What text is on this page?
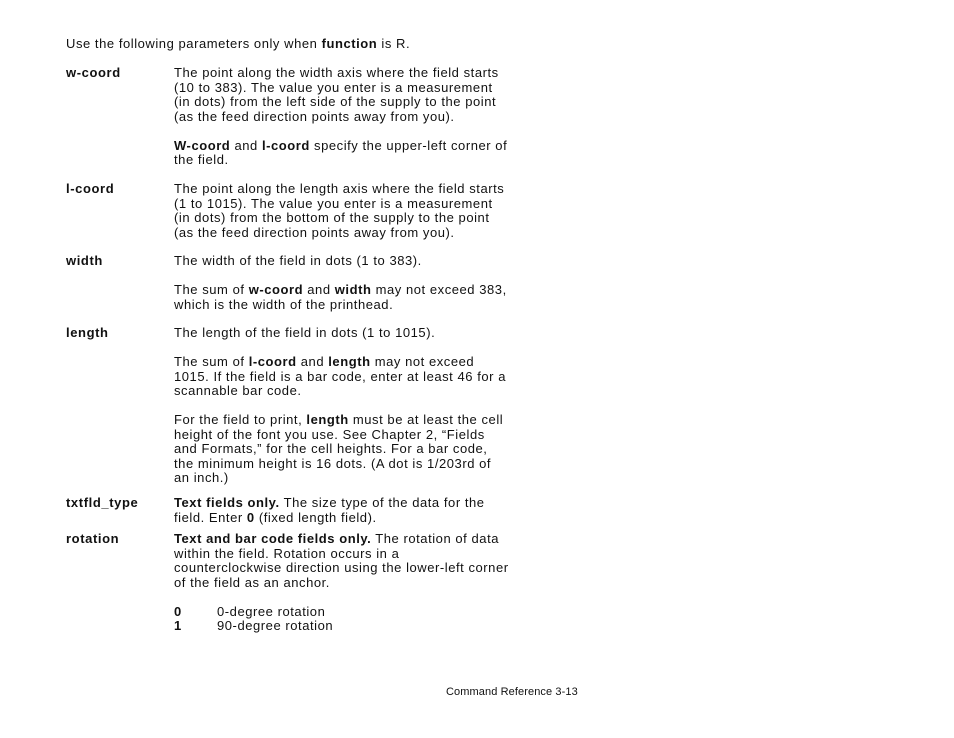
Use the following parameters only when function is R.
w-coord	The point along the width axis where the field starts
(10 to 383). The value you enter is a measurement
(in dots) from the left side of the supply to the point
(as the feed direction points away from you).
W-coord and l-coord specify the upper-left corner of
the field.
l-coord	The point along the length axis where the field starts
(1 to 1015). The value you enter is a measurement
(in dots) from the bottom of the supply to the point
(as the feed direction points away from you).
width	The width of the field in dots (1 to 383).
The sum of w-coord and width may not exceed 383,
which is the width of the printhead.
length	The length of the field in dots (1 to 1015).
The sum of l-coord and length may not exceed
1015. If the field is a bar code, enter at least 46 for a
scannable bar code.
For the field to print, length must be at least the cell
height of the font you use. See Chapter 2, “Fields
and Formats,” for the cell heights. For a bar code,
the minimum height is 16 dots. (A dot is 1/203rd of
an inch.)
txtfld_type	Text fields only. The size type of the data for the
field. Enter 0 (fixed length field).
rotation	Text and bar code fields only. The rotation of data
within the field. Rotation occurs in a
counterclockwise direction using the lower-left corner
of the field as an anchor.
0	0-degree rotation
1	90-degree rotation
Command Reference 3-13
